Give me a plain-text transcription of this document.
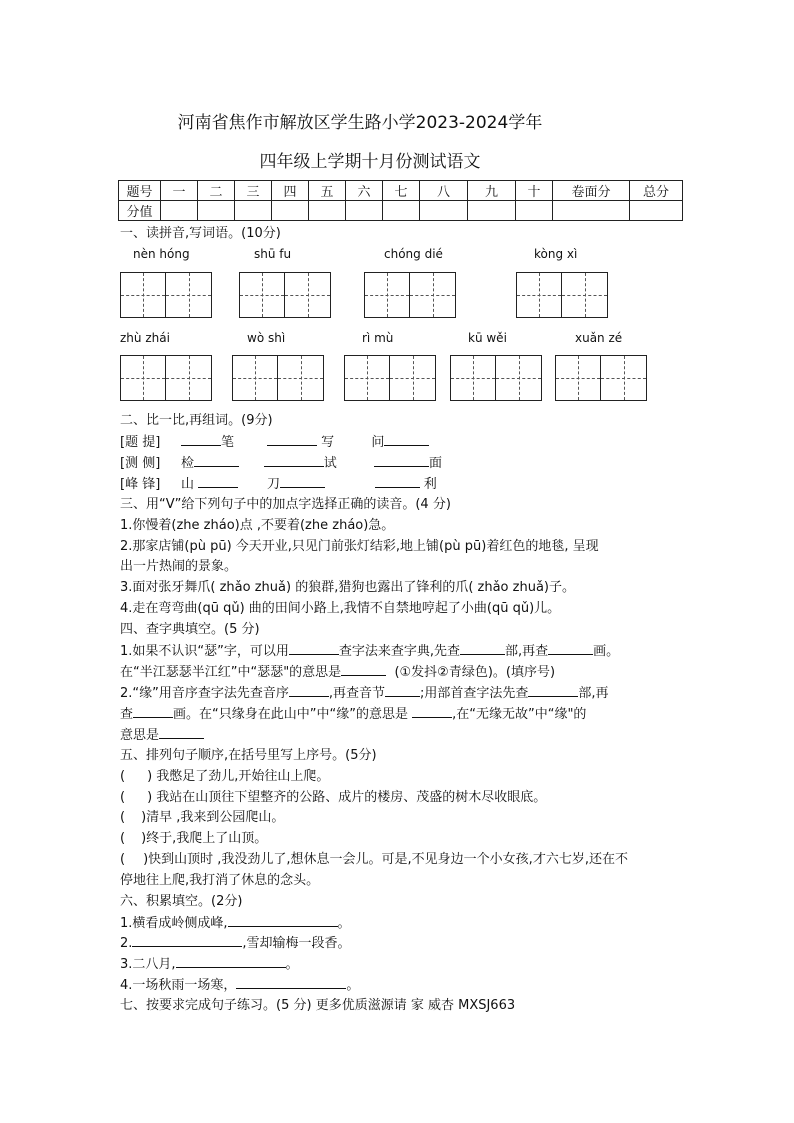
河南省焦作市解放区学生路小学2023-2024学年
四年级上学期十月份测试语文
题号	一	二	三	四	五	六	七	八	九	十	卷面分	总分
分值												
一、读拼音,写词语。(10分)
nèn hóng	shū fu	chóng dié	kòng xì
zhù zhái	wò shì	rì mù	kū wěi	xuǎn zé
二、比一比,再组词。(9分)
[题 提]	笔	写	问
[测 侧] 检	试	面
[峰 锋] 山	刀	利
三、用“V”给下列句子中的加点字选择正确的读音。(4 分)
1.你慢着(zhe zháo)点 ,不要着(zhe zháo)急。
2.那家店铺(pù pū) 今天开业,只见门前张灯结彩,地上铺(pù pū)着红色的地毯, 呈现
出一片热闹的景象。
3.面对张牙舞爪( zhǎo zhuǎ) 的狼群,猎狗也露出了锋利的爪( zhǎo zhuǎ)子。
4.走在弯弯曲(qū qǔ) 曲的田间小路上,我情不自禁地哼起了小曲(qū qǔ)儿。
四、查字典填空。(5 分)
1.如果不认识“瑟”字，可以用	查字法来查字典,先查	部,再查	画。
在“半江瑟瑟半江红”中“瑟瑟"的意思是	(①发抖②青绿色)。(填序号)
2.“缘”用音序查字法先查音序	,再查音节	;用部首查字法先查	部,再
查	画。在“只缘身在此山中”中“缘”的意思是	,在“无缘无故”中“缘"的
意思是
五、排列句子顺序,在括号里写上序号。(5分)
( ) 我憋足了劲儿,开始往山上爬。
( ) 我站在山顶往下望整齐的公路、成片的楼房、茂盛的树木尽收眼底。
( )清早 ,我来到公园爬山。
( )终于,我爬上了山顶。
( )快到山顶时 ,我没劲儿了,想休息一会儿。可是,不见身边一个小女孩,才六七岁,还在不
停地往上爬,我打消了休息的念头。
六、积累填空。(2分)
1.横看成岭侧成峰,	。
2.	,雪却输梅一段香。
3.二八月,	。
4.一场秋雨一场寒，	。
七、按要求完成句子练习。(5 分) 更多优质滋源请 家 威杏 MXSJ663
